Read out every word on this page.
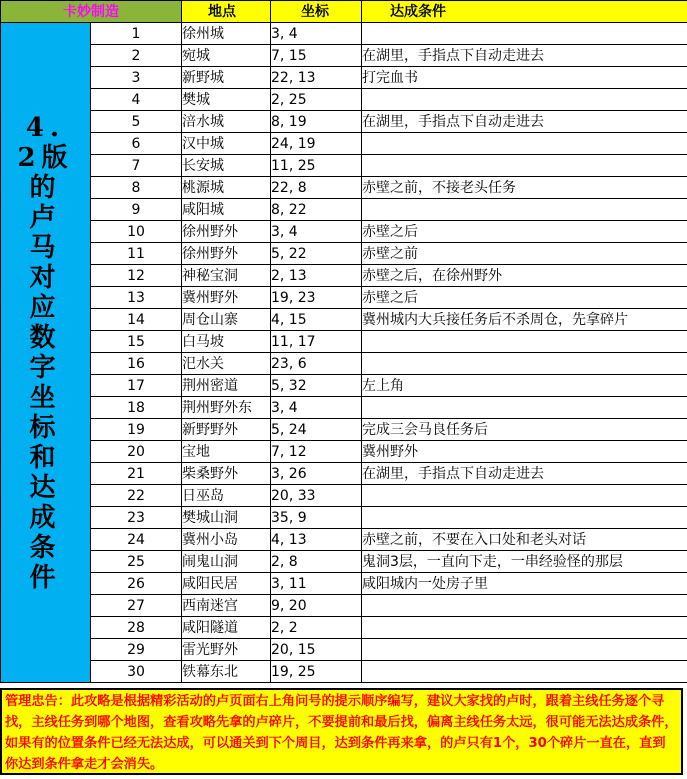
卡妙制造		地点	坐标	达成条件

4.2版的卢马对应数字坐标和达成条件	1	徐州城	3, 4	
	2	宛城	7, 15	在湖里，手指点下自动走进去
	3	新野城	22, 13	打完血书
	4	樊城	2, 25	
	5	涪水城	8, 19	在湖里，手指点下自动走进去
	6	汉中城	24, 19	
	7	长安城	11, 25	
	8	桃源城	22, 8	赤壁之前，不接老头任务
	9	咸阳城	8, 22	
	10	徐州野外	3, 4	赤壁之后
	11	徐州野外	5, 22	赤壁之前
	12	神秘宝洞	2, 13	赤壁之后，在徐州野外
	13	冀州野外	19, 23	赤壁之后
	14	周仓山寨	4, 15	冀州城内大兵接任务后不杀周仓，先拿碎片
	15	白马坡	11, 17	
	16	汜水关	23, 6	
	17	荆州密道	5, 32	左上角
	18	荆州野外东	3, 4	
	19	新野野外	5, 24	完成三会马良任务后
	20	宝地	7, 12	冀州野外
	21	柴桑野外	3, 26	在湖里，手指点下自动走进去
	22	日巫岛	20, 33	
	23	樊城山洞	35, 9	
	24	冀州小岛	4, 13	赤壁之前，不要在入口处和老头对话
	25	闹鬼山洞	2, 8	鬼洞3层，一直向下走，一串经验怪的那层
	26	咸阳民居	3, 11	咸阳城内一处房子里
	27	西南迷宫	9, 20	
	28	咸阳隧道	2, 2	
	29	雷光野外	20, 15	
	30	铁幕东北	19, 25	
管理忠告：此攻略是根据精彩活动的卢页面右上角问号的提示顺序编写，建议大家找的卢时，跟着主线任务逐个寻找，主线任务到哪个地图，查看攻略先拿的卢碎片，不要提前和最后找，偏离主线任务太远，很可能无法达成条件，如果有的位置条件已经无法达成，可以通关到下个周目，达到条件再来拿，的卢只有1个，30个碎片一直在，直到你达到条件拿走才会消失。
